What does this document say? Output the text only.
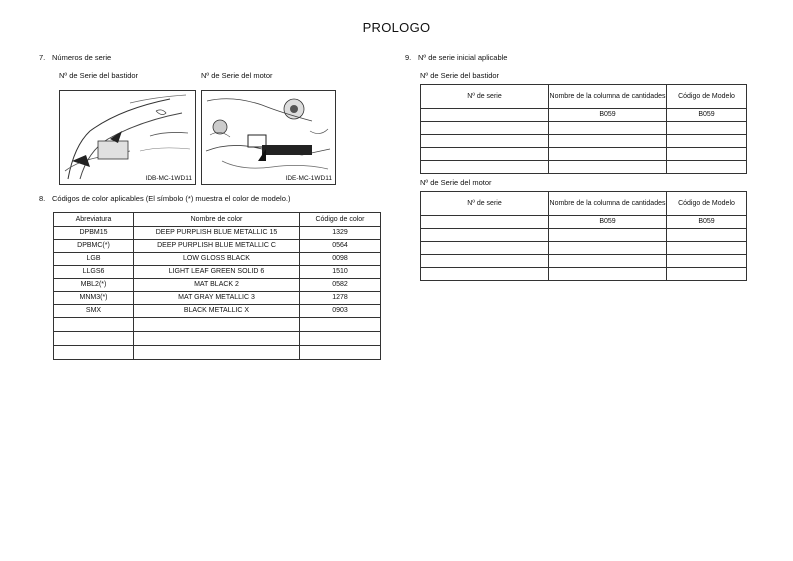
PROLOGO
7. Números de serie
Nº de Serie del bastidor	Nº de Serie del motor
IDB-MC-1WD11	IDE-MC-1WD11
8. Códigos de color aplicables (El símbolo (*) muestra el color de modelo.)
Abreviatura	Nombre de color	Código de color
DPBM15	DEEP PURPLISH BLUE METALLIC 15	1329
DPBMC(*)	DEEP PURPLISH BLUE METALLIC C	0564
LGB	LOW GLOSS BLACK	0098
LLGS6	LIGHT LEAF GREEN SOLID 6	1510
MBL2(*)	MAT BLACK 2	0582
MNM3(*)	MAT GRAY METALLIC 3	1278
SMX	BLACK METALLIC X	0903

9. Nº de serie inicial aplicable
Nº de Serie del bastidor
Nº de serie	Nombre de la columna de cantidades	Código de Modelo
	B059	B059

Nº de Serie del motor
Nº de serie	Nombre de la columna de cantidades	Código de Modelo
	B059	B059
